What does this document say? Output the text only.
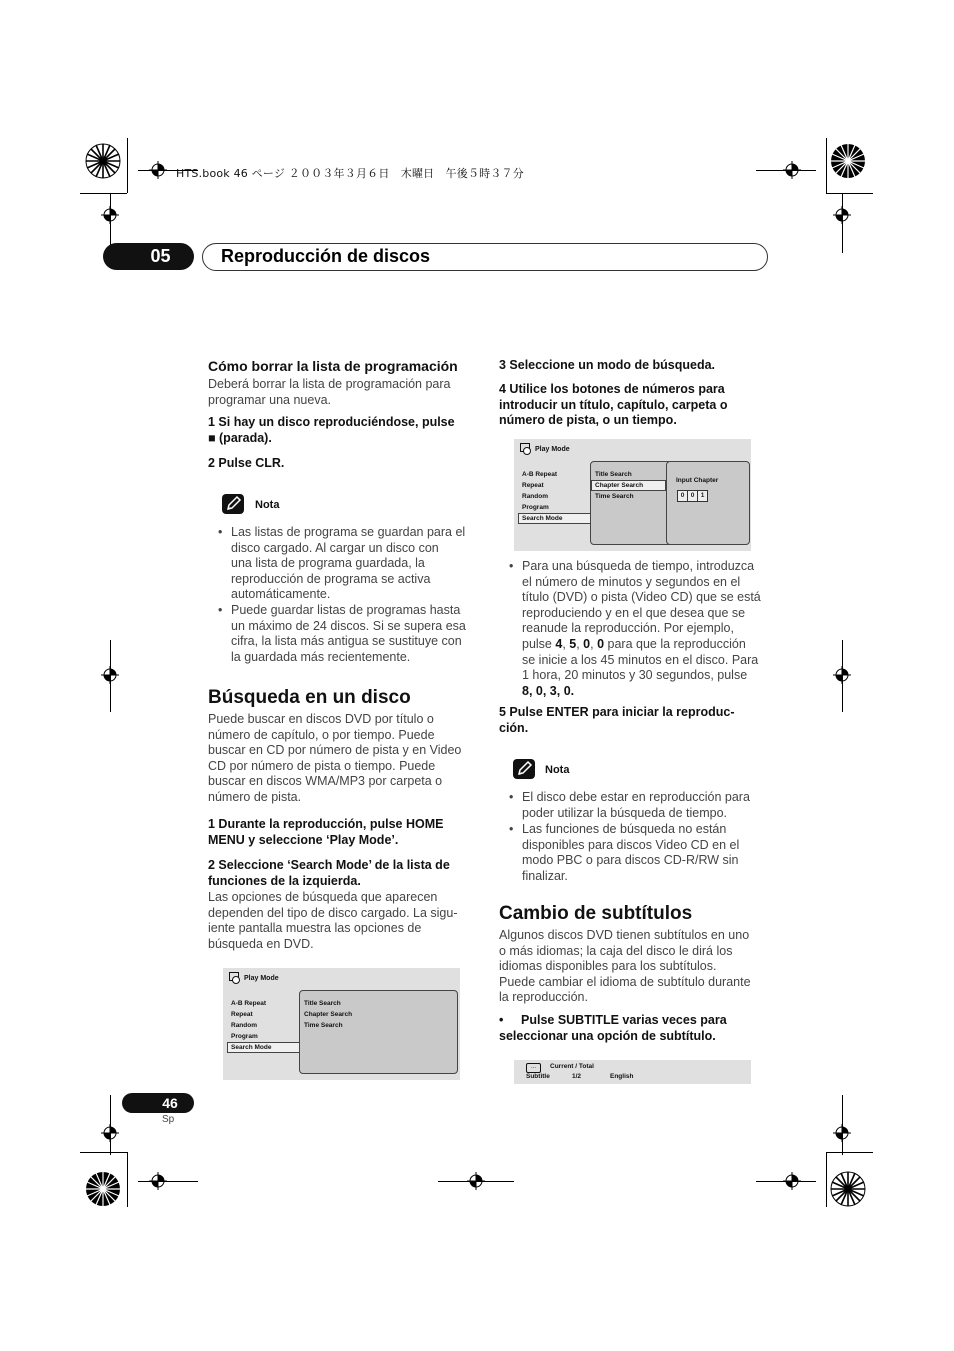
HTS.book 46 ページ ２００３年３月６日　木曜日　午後５時３７分
05	Reproducción de discos
Cómo borrar la lista de programación
Deberá borrar la lista de programación para
programar una nueva.
1 Si hay un disco reproduciéndose, pulse
■ (parada).
2 Pulse CLR.
Nota
• Las listas de programa se guardan para el
disco cargado. Al cargar un disco con
una lista de programa guardada, la
reproducción de programa se activa
automáticamente.
• Puede guardar listas de programas hasta
un máximo de 24 discos. Si se supera esa
cifra, la lista más antigua se sustituye con
la guardada más recientemente.
Búsqueda en un disco
Puede buscar en discos DVD por título o
número de capítulo, o por tiempo. Puede
buscar en CD por número de pista y en Video
CD por número de pista o tiempo. Puede
buscar en discos WMA/MP3 por carpeta o
número de pista.
1 Durante la reproducción, pulse HOME
MENU y seleccione ‘Play Mode’.
2 Seleccione ‘Search Mode’ de la lista de
funciones de la izquierda.
Las opciones de búsqueda que aparecen
dependen del tipo de disco cargado. La sigu-
iente pantalla muestra las opciones de
búsqueda en DVD.
Play Mode
A-B Repeat
Repeat
Random
Program
Search Mode
Title Search
Chapter Search
Time Search
3 Seleccione un modo de búsqueda.
4 Utilice los botones de números para
introducir un título, capítulo, carpeta o
número de pista, o un tiempo.
Play Mode
A-B Repeat
Repeat
Random
Program
Search Mode
Title Search
Chapter Search
Time Search
Input Chapter
0 0 1
• Para una búsqueda de tiempo, introduzca
el número de minutos y segundos en el
título (DVD) o pista (Video CD) que se está
reproduciendo y en el que desea que se
reanude la reproducción. Por ejemplo,
pulse 4, 5, 0, 0 para que la reproducción
se inicie a los 45 minutos en el disco. Para
1 hora, 20 minutos y 30 segundos, pulse
8, 0, 3, 0.
5 Pulse ENTER para iniciar la reproduc-
ción.
Nota
• El disco debe estar en reproducción para
poder utilizar la búsqueda de tiempo.
• Las funciones de búsqueda no están
disponibles para discos Video CD en el
modo PBC o para discos CD-R/RW sin
finalizar.
Cambio de subtítulos
Algunos discos DVD tienen subtítulos en uno
o más idiomas; la caja del disco le dirá los
idiomas disponibles para los subtítulos.
Puede cambiar el idioma de subtítulo durante
la reproducción.
•	Pulse SUBTITLE varias veces para
seleccionar una opción de subtítulo.
...	Current / Total
Subtitle	1/2	English
46
Sp
